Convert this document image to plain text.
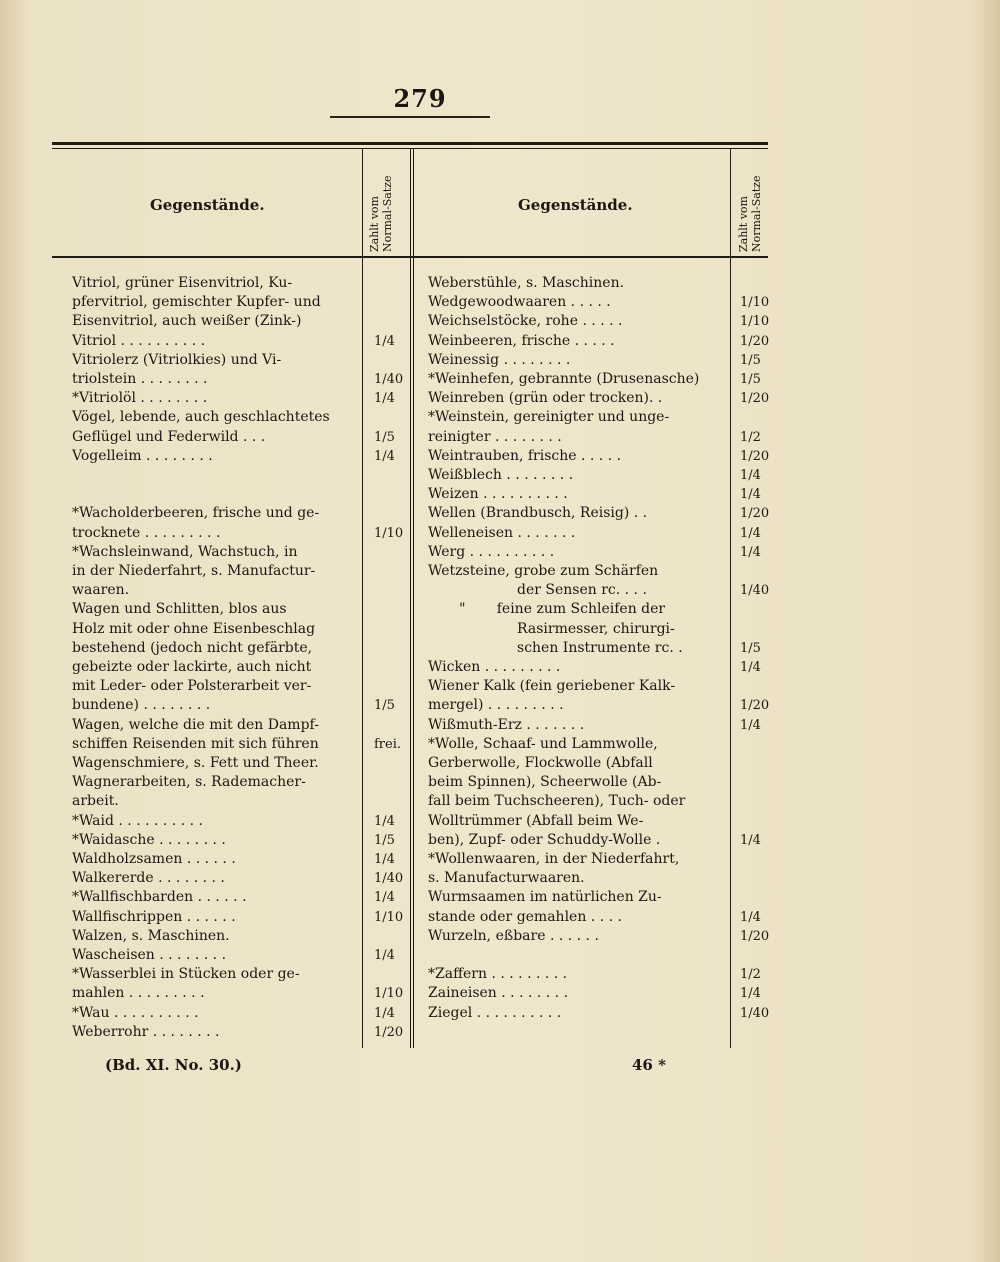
279
Gegenstände.	Zahlt vom Normal-Satze	Gegenstände.	Zahlt vom Normal-Satze
Vitriol, grüner Eisenvitriol, Ku-
pfervitriol, gemischter Kupfer- und
Eisenvitriol, auch weißer (Zink-)
Vitriol . . . . . . . . . .	1/4
Vitriolerz (Vitriolkies) und Vi-
triolstein . . . . . . . .	1/40
*Vitriolöl . . . . . . . .	1/4
Vögel, lebende, auch geschlachtetes
Geflügel und Federwild . . .	1/5
Vogelleim . . . . . . . .	1/4
*Wacholderbeeren, frische und ge-
trocknete . . . . . . . . .	1/10
*Wachsleinwand, Wachstuch, in
in der Niederfahrt, s. Manufactur-
waaren.
Wagen und Schlitten, blos aus
Holz mit oder ohne Eisenbeschlag
bestehend (jedoch nicht gefärbte,
gebeizte oder lackirte, auch nicht
mit Leder- oder Polsterarbeit ver-
bundene) . . . . . . . .	1/5
Wagen, welche die mit den Dampf-
schiffen Reisenden mit sich führen	frei.
Wagenschmiere, s. Fett und Theer.
Wagnerarbeiten, s. Rademacher-
arbeit.
*Waid . . . . . . . . . .	1/4
*Waidasche . . . . . . . .	1/5
Waldholzsamen . . . . . .	1/4
Walkererde . . . . . . . .	1/40
*Wallfischbarden . . . . . .	1/4
Wallfischrippen . . . . . .	1/10
Walzen, s. Maschinen.
Wascheisen . . . . . . . .	1/4
*Wasserblei in Stücken oder ge-
mahlen . . . . . . . . .	1/10
*Wau . . . . . . . . . .	1/4
Weberrohr . . . . . . . .	1/20
Weberstühle, s. Maschinen.
Wedgewoodwaaren . . . . .	1/10
Weichselstöcke, rohe . . . . .	1/10
Weinbeeren, frische . . . . .	1/20
Weinessig . . . . . . . .	1/5
*Weinhefen, gebrannte (Drusenasche)	1/5
Weinreben (grün oder trocken). .	1/20
*Weinstein, gereinigter und unge-
reinigter . . . . . . . .	1/2
Weintrauben, frische . . . . .	1/20
Weißblech . . . . . . . .	1/4
Weizen . . . . . . . . . .	1/4
Wellen (Brandbusch, Reisig) . .	1/20
Welleneisen . . . . . . .	1/4
Werg . . . . . . . . . .	1/4
Wetzsteine, grobe zum Schärfen
der Sensen rc. . . .	1/40
"       feine zum Schleifen der
Rasirmesser, chirurgi-
schen Instrumente rc. .	1/5
Wicken . . . . . . . . .	1/4
Wiener Kalk (fein geriebener Kalk-
mergel) . . . . . . . . .	1/20
Wißmuth-Erz . . . . . . .	1/4
*Wolle, Schaaf- und Lammwolle,
Gerberwolle, Flockwolle (Abfall
beim Spinnen), Scheerwolle (Ab-
fall beim Tuchscheeren), Tuch- oder
Wolltrümmer (Abfall beim We-
ben), Zupf- oder Schuddy-Wolle .	1/4
*Wollenwaaren, in der Niederfahrt,
s. Manufacturwaaren.
Wurmsaamen im natürlichen Zu-
stande oder gemahlen . . . .	1/4
Wurzeln, eßbare . . . . . .	1/20
*Zaffern . . . . . . . . .	1/2
Zaineisen . . . . . . . .	1/4
Ziegel . . . . . . . . . .	1/40
(Bd. XI. No. 30.)	46 *
